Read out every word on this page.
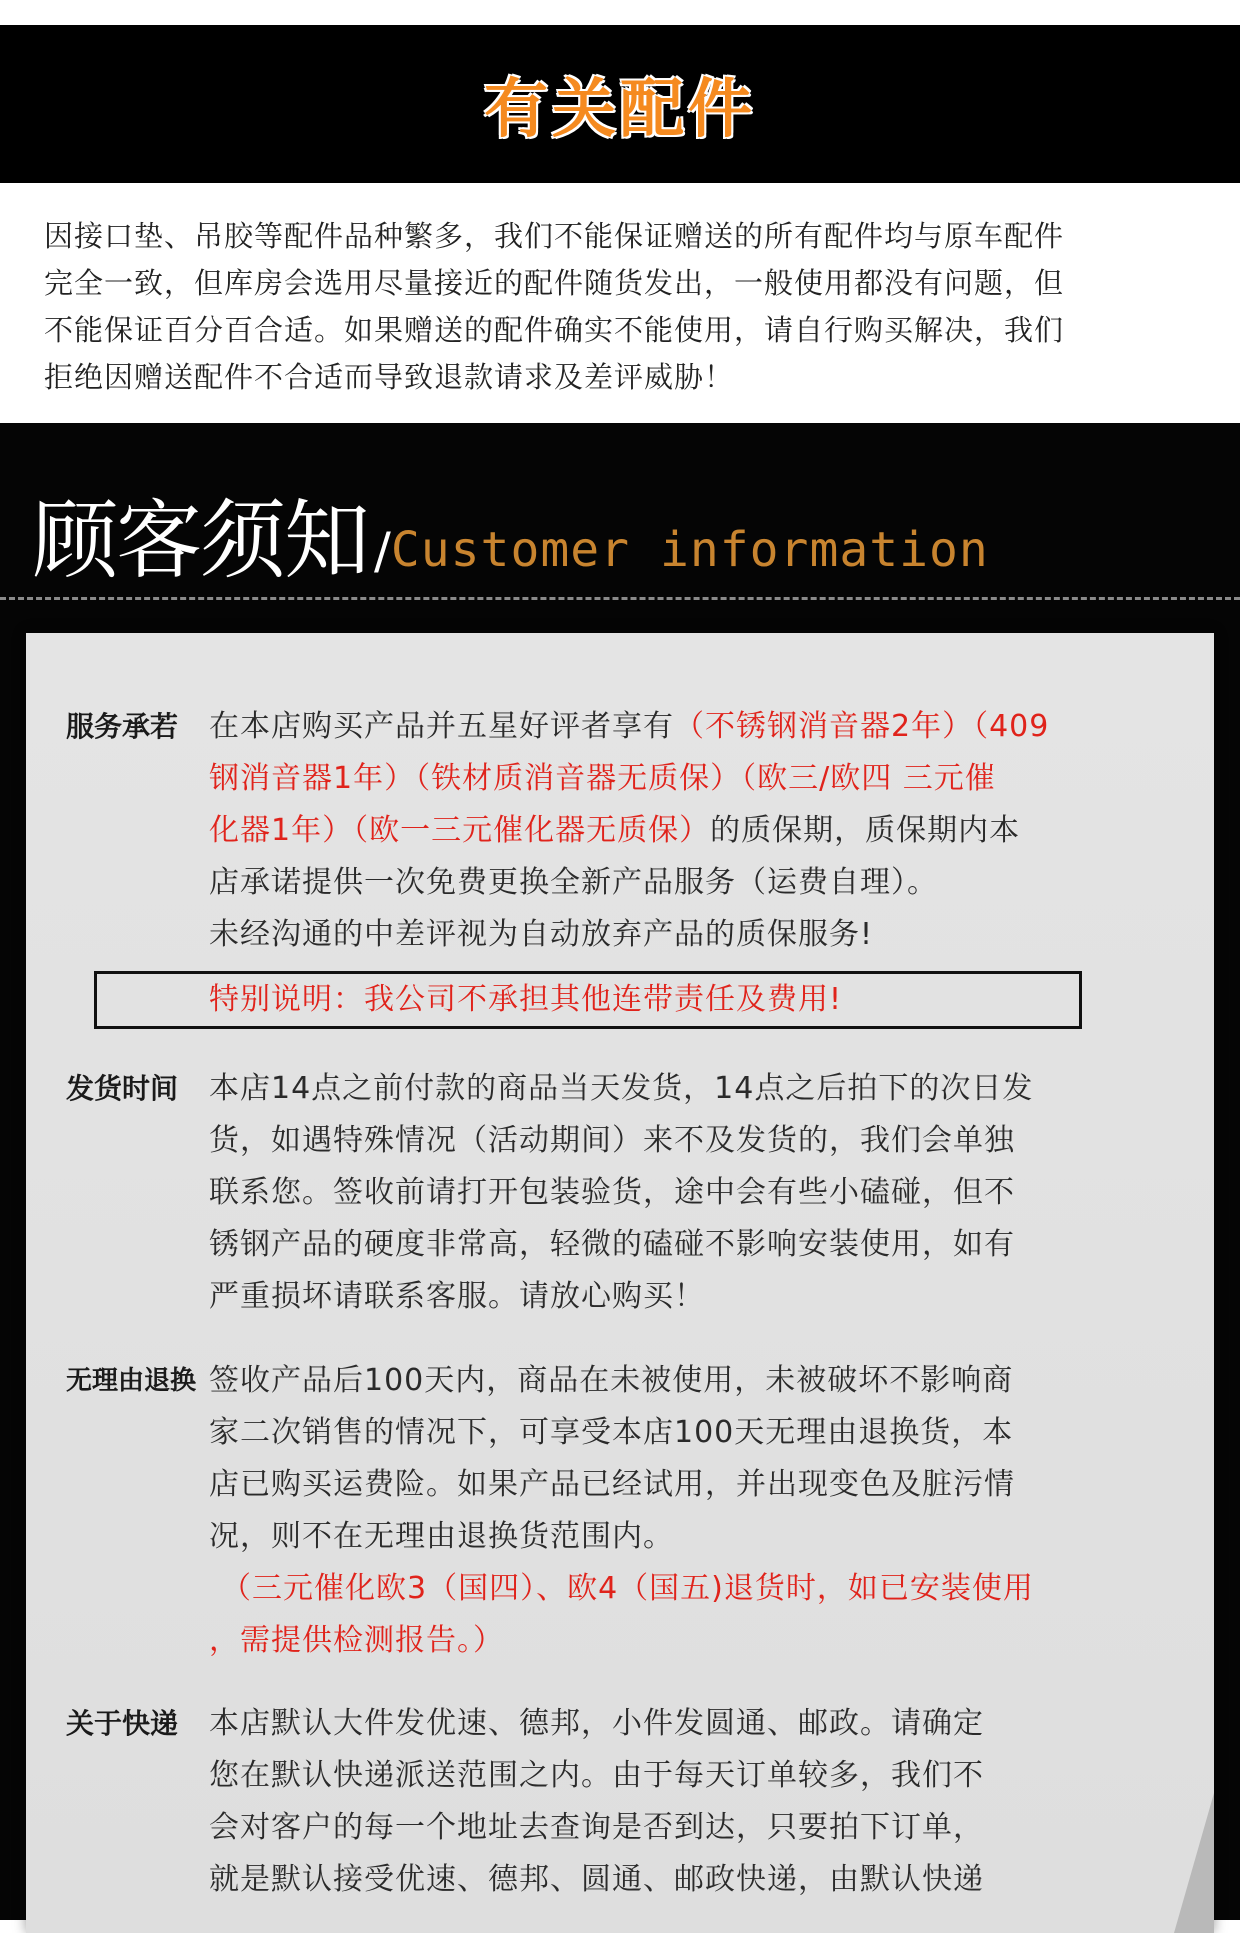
有关配件
因接口垫、吊胶等配件品种繁多，我们不能保证赠送的所有配件均与原车配件
完全一致，但库房会选用尽量接近的配件随货发出，一般使用都没有问题，但
不能保证百分百合适。如果赠送的配件确实不能使用，请自行购买解决，我们
拒绝因赠送配件不合适而导致退款请求及差评威胁！
顾客须知 / Customer information
服务承若	在本店购买产品并五星好评者享有（不锈钢消音器2年）（409
钢消音器1年）（铁材质消音器无质保）（欧三/欧四 三元催
化器1年）（欧一三元催化器无质保）的质保期，质保期内本
店承诺提供一次免费更换全新产品服务（运费自理）。
未经沟通的中差评视为自动放弃产品的质保服务!
特别说明：我公司不承担其他连带责任及费用!
发货时间	本店14点之前付款的商品当天发货，14点之后拍下的次日发
货，如遇特殊情况（活动期间）来不及发货的，我们会单独
联系您。签收前请打开包装验货，途中会有些小磕碰，但不
锈钢产品的硬度非常高，轻微的磕碰不影响安装使用，如有
严重损坏请联系客服。请放心购买！
无理由退换 签收产品后100天内，商品在未被使用，未被破坏不影响商
家二次销售的情况下，可享受本店100天无理由退换货，本
店已购买运费险。如果产品已经试用，并出现变色及脏污情
况，则不在无理由退换货范围内。
（三元催化欧3（国四）、欧4（国五)退货时，如已安装使用
，需提供检测报告。）
关于快递	本店默认大件发优速、德邦，小件发圆通、邮政。请确定
您在默认快递派送范围之内。由于每天订单较多，我们不
会对客户的每一个地址去查询是否到达，只要拍下订单，
就是默认接受优速、德邦、圆通、邮政快递，由默认快递
